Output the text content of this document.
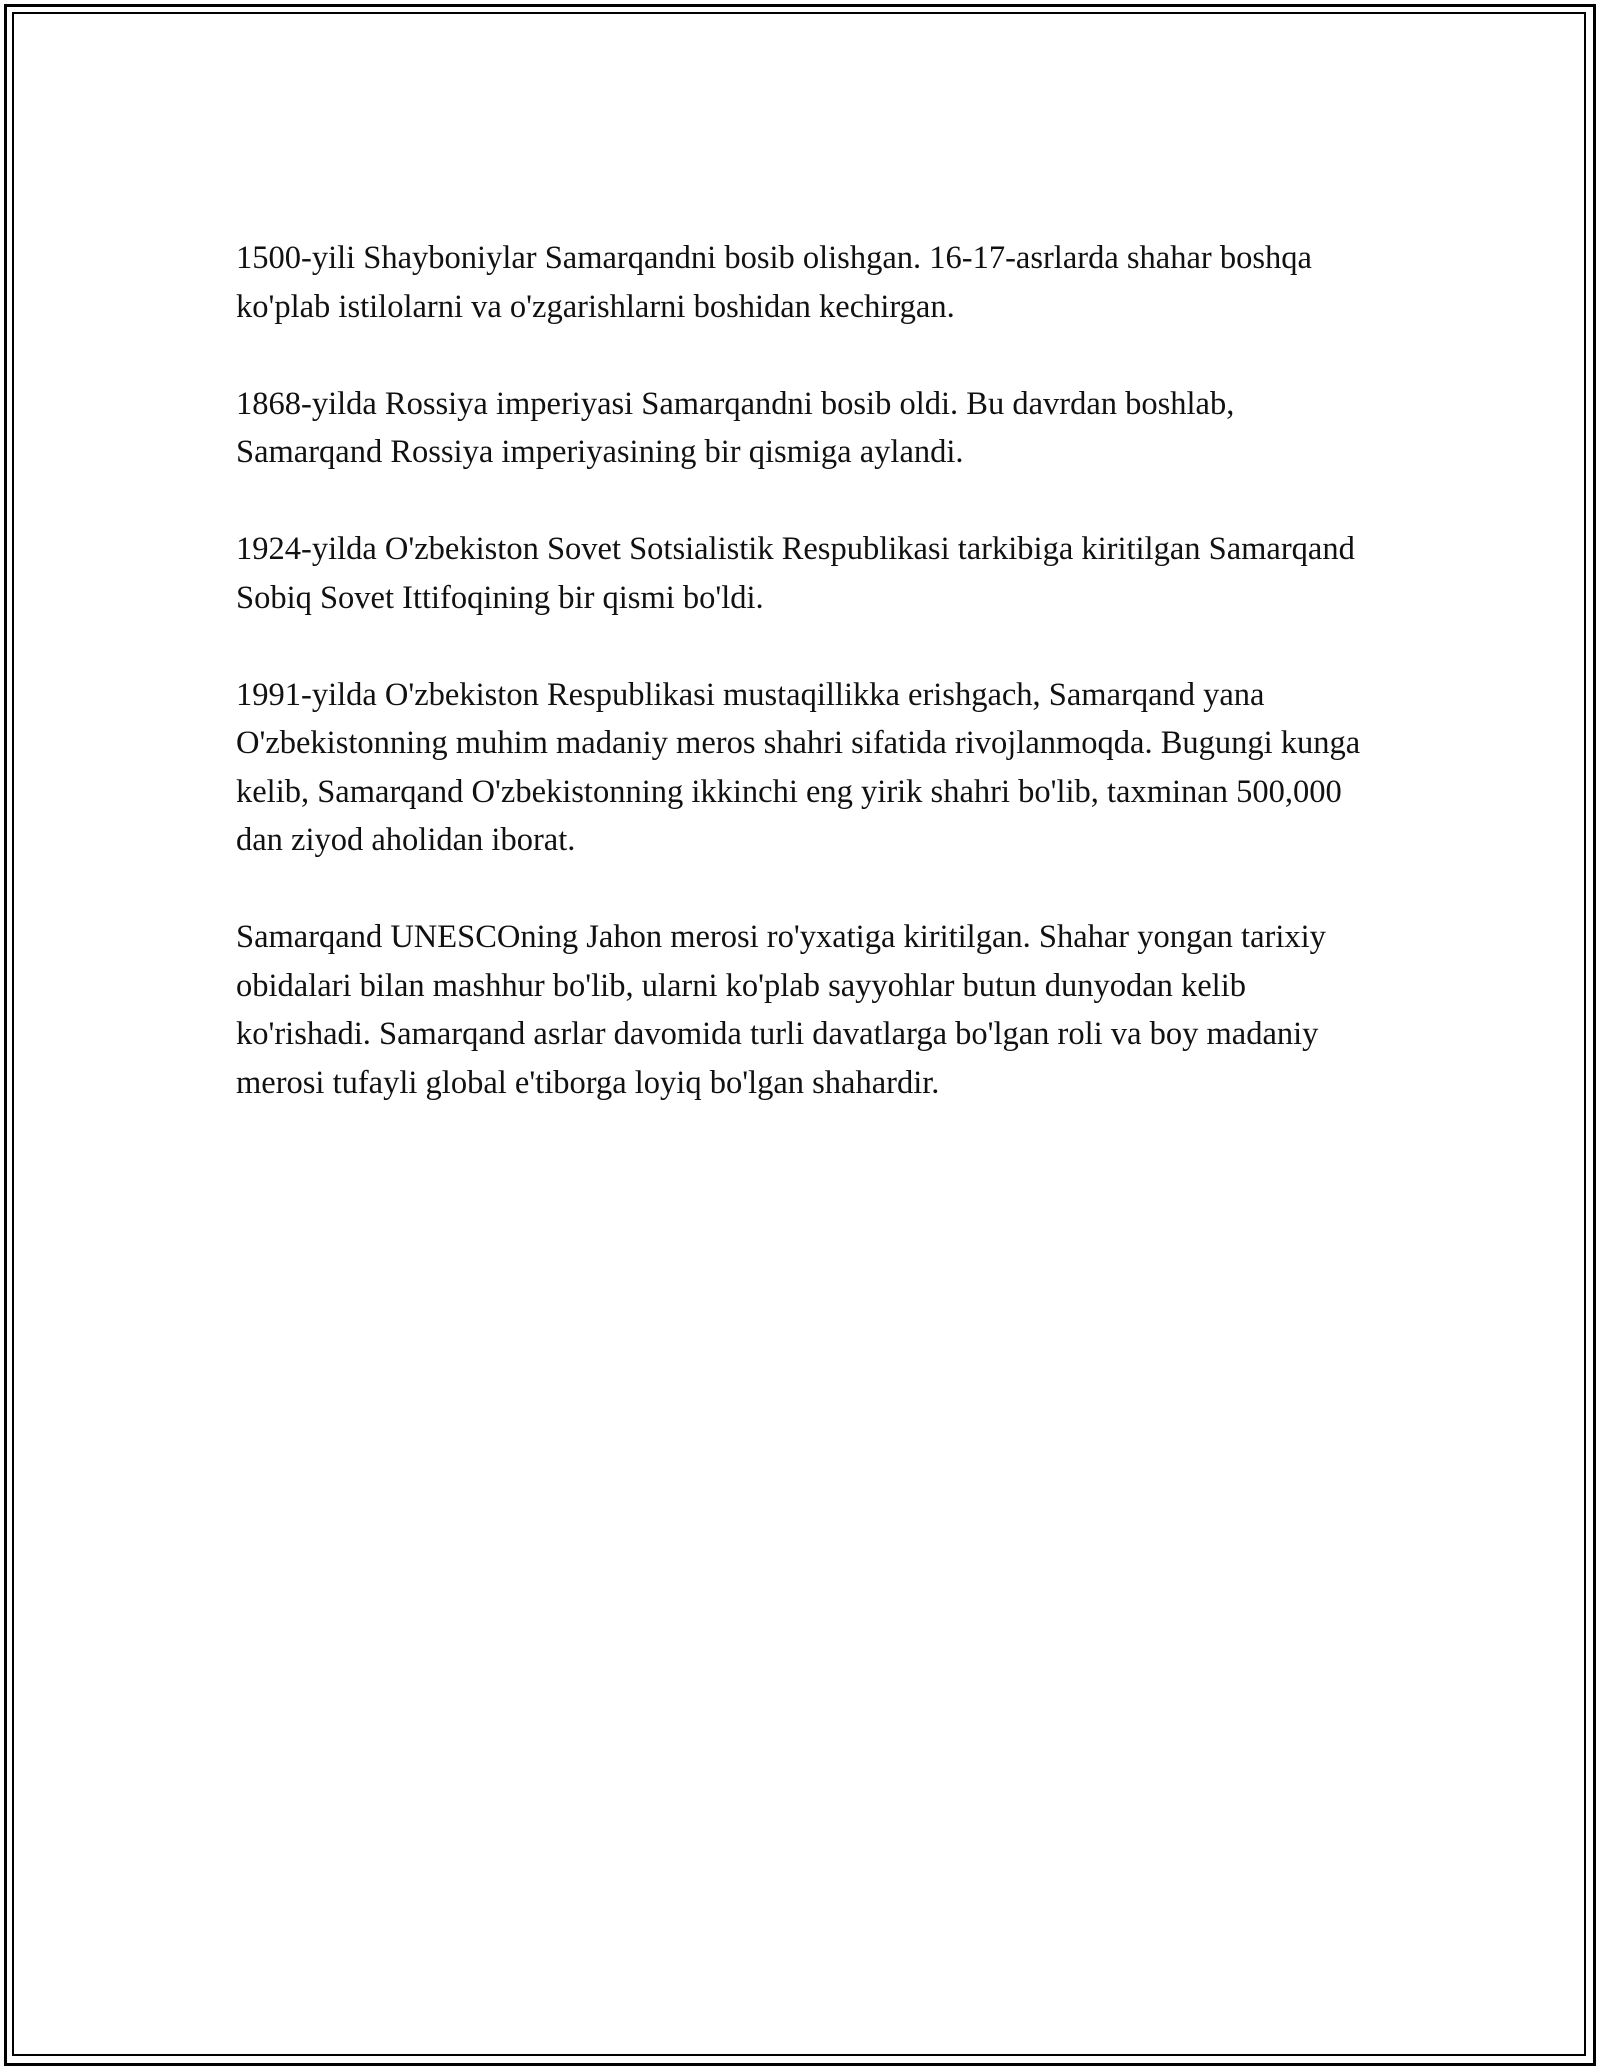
1500-yili Shayboniylar Samarqandni bosib olishgan. 16-17-asrlarda shahar boshqa ko'plab istilolarni va o'zgarishlarni boshidan kechirgan.

1868-yilda Rossiya imperiyasi Samarqandni bosib oldi. Bu davrdan boshlab, Samarqand Rossiya imperiyasining bir qismiga aylandi.

1924-yilda O'zbekiston Sovet Sotsialistik Respublikasi tarkibiga kiritilgan Samarqand Sobiq Sovet Ittifoqining bir qismi bo'ldi.

1991-yilda O'zbekiston Respublikasi mustaqillikka erishgach, Samarqand yana O'zbekistonning muhim madaniy meros shahri sifatida rivojlanmoqda. Bugungi kunga kelib, Samarqand O'zbekistonning ikkinchi eng yirik shahri bo'lib, taxminan 500,000 dan ziyod aholidan iborat.

Samarqand UNESCOning Jahon merosi ro'yxatiga kiritilgan. Shahar yongan tarixiy obidalari bilan mashhur bo'lib, ularni ko'plab sayyohlar butun dunyodan kelib ko'rishadi. Samarqand asrlar davomida turli davatlarga bo'lgan roli va boy madaniy merosi tufayli global e'tiborga loyiq bo'lgan shahardir.
